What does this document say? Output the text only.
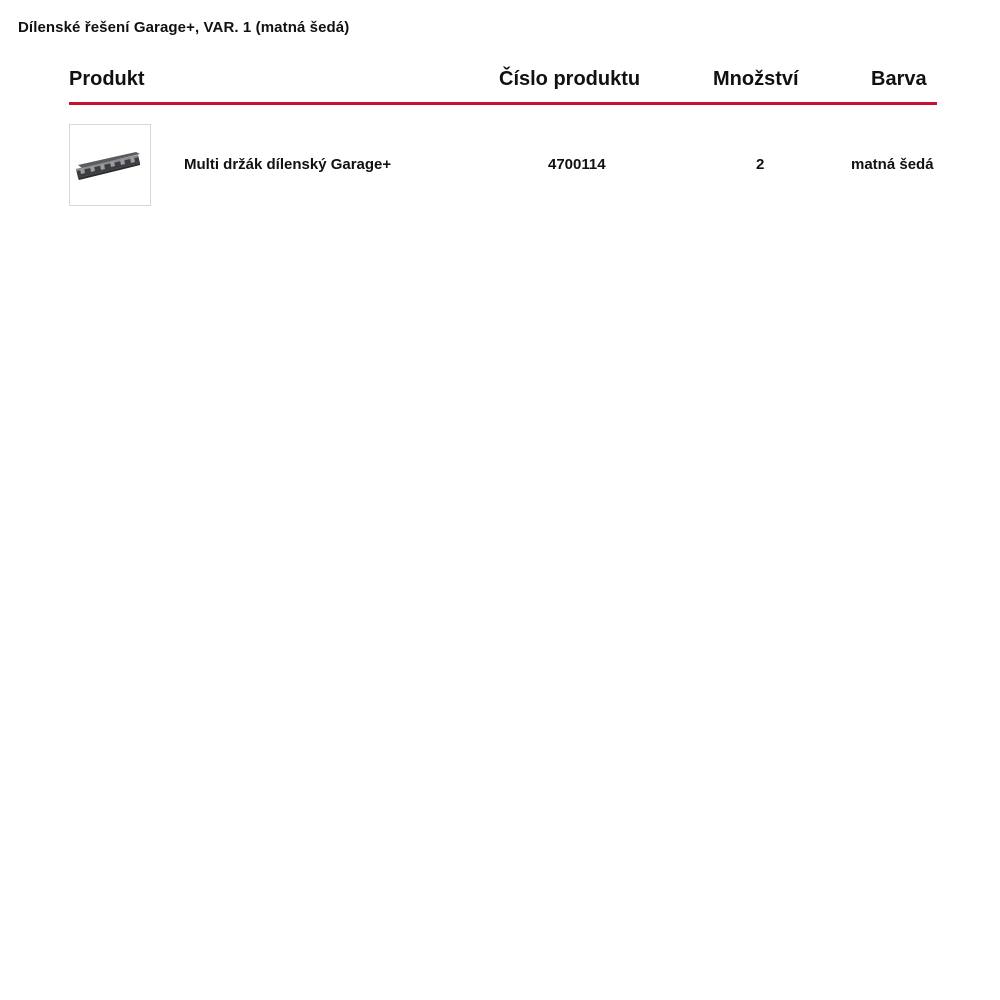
Dílenské řešení Garage+, VAR. 1 (matná šedá)
Produkt	Číslo produktu	Množství	Barva
Multi držák dílenský Garage+	4700114	2	matná šedá
